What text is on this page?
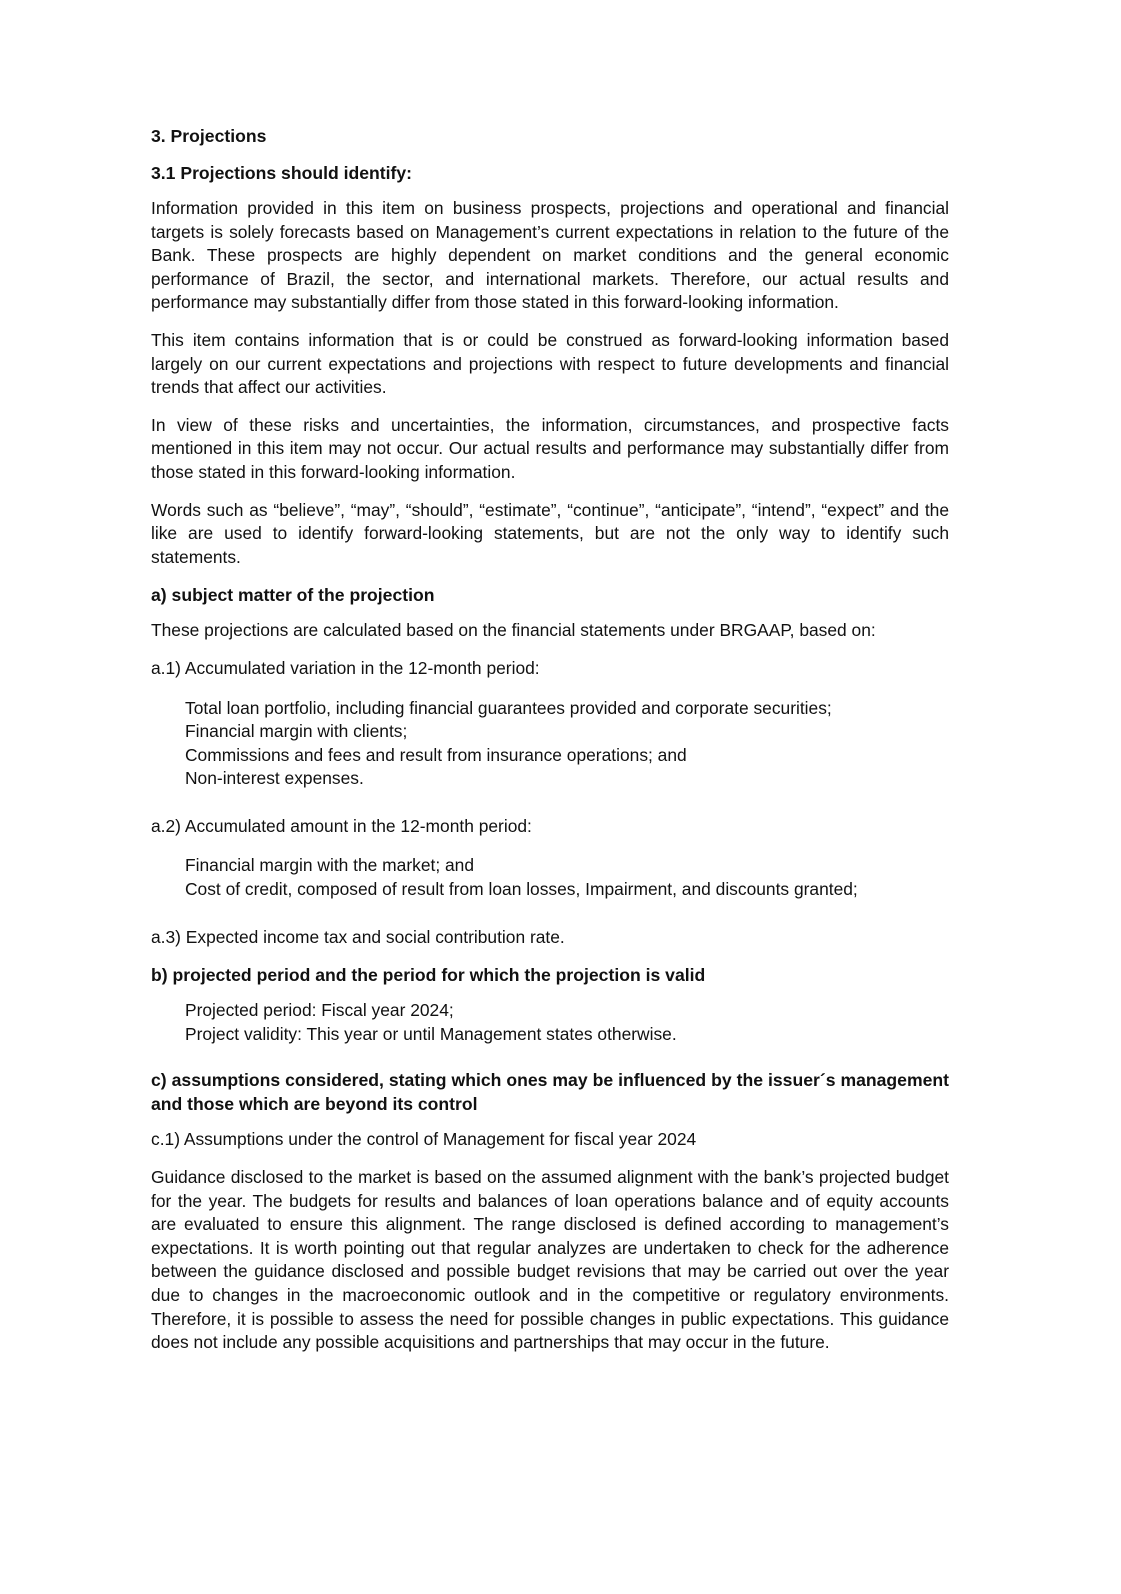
3. Projections
3.1 Projections should identify:

Information provided in this item on business prospects, projections and operational and financial targets is solely forecasts based on Management’s current expectations in relation to the future of the Bank. These prospects are highly dependent on market conditions and the general economic performance of Brazil, the sector, and international markets. Therefore, our actual results and performance may substantially differ from those stated in this forward-looking information.

This item contains information that is or could be construed as forward-looking information based largely on our current expectations and projections with respect to future developments and financial trends that affect our activities.

In view of these risks and uncertainties, the information, circumstances, and prospective facts mentioned in this item may not occur. Our actual results and performance may substantially differ from those stated in this forward-looking information.

Words such as “believe”, “may”, “should”, “estimate”, “continue”, “anticipate”, “intend”, “expect” and the like are used to identify forward-looking statements, but are not the only way to identify such statements.

a) subject matter of the projection

These projections are calculated based on the financial statements under BRGAAP, based on:

a.1) Accumulated variation in the 12-month period:

Total loan portfolio, including financial guarantees provided and corporate securities;
Financial margin with clients;
Commissions and fees and result from insurance operations; and
Non-interest expenses.

a.2) Accumulated amount in the 12-month period:

Financial margin with the market; and
Cost of credit, composed of result from loan losses, Impairment, and discounts granted;

a.3) Expected income tax and social contribution rate.

b) projected period and the period for which the projection is valid
Projected period: Fiscal year 2024;
Project validity: This year or until Management states otherwise.
c) assumptions considered, stating which ones may be influenced by the issuer´s management and those which are beyond its control

c.1) Assumptions under the control of Management for fiscal year 2024

Guidance disclosed to the market is based on the assumed alignment with the bank’s projected budget for the year. The budgets for results and balances of loan operations balance and of equity accounts are evaluated to ensure this alignment. The range disclosed is defined according to management’s expectations. It is worth pointing out that regular analyzes are undertaken to check for the adherence between the guidance disclosed and possible budget revisions that may be carried out over the year due to changes in the macroeconomic outlook and in the competitive or regulatory environments. Therefore, it is possible to assess the need for possible changes in public expectations. This guidance does not include any possible acquisitions and partnerships that may occur in the future.
